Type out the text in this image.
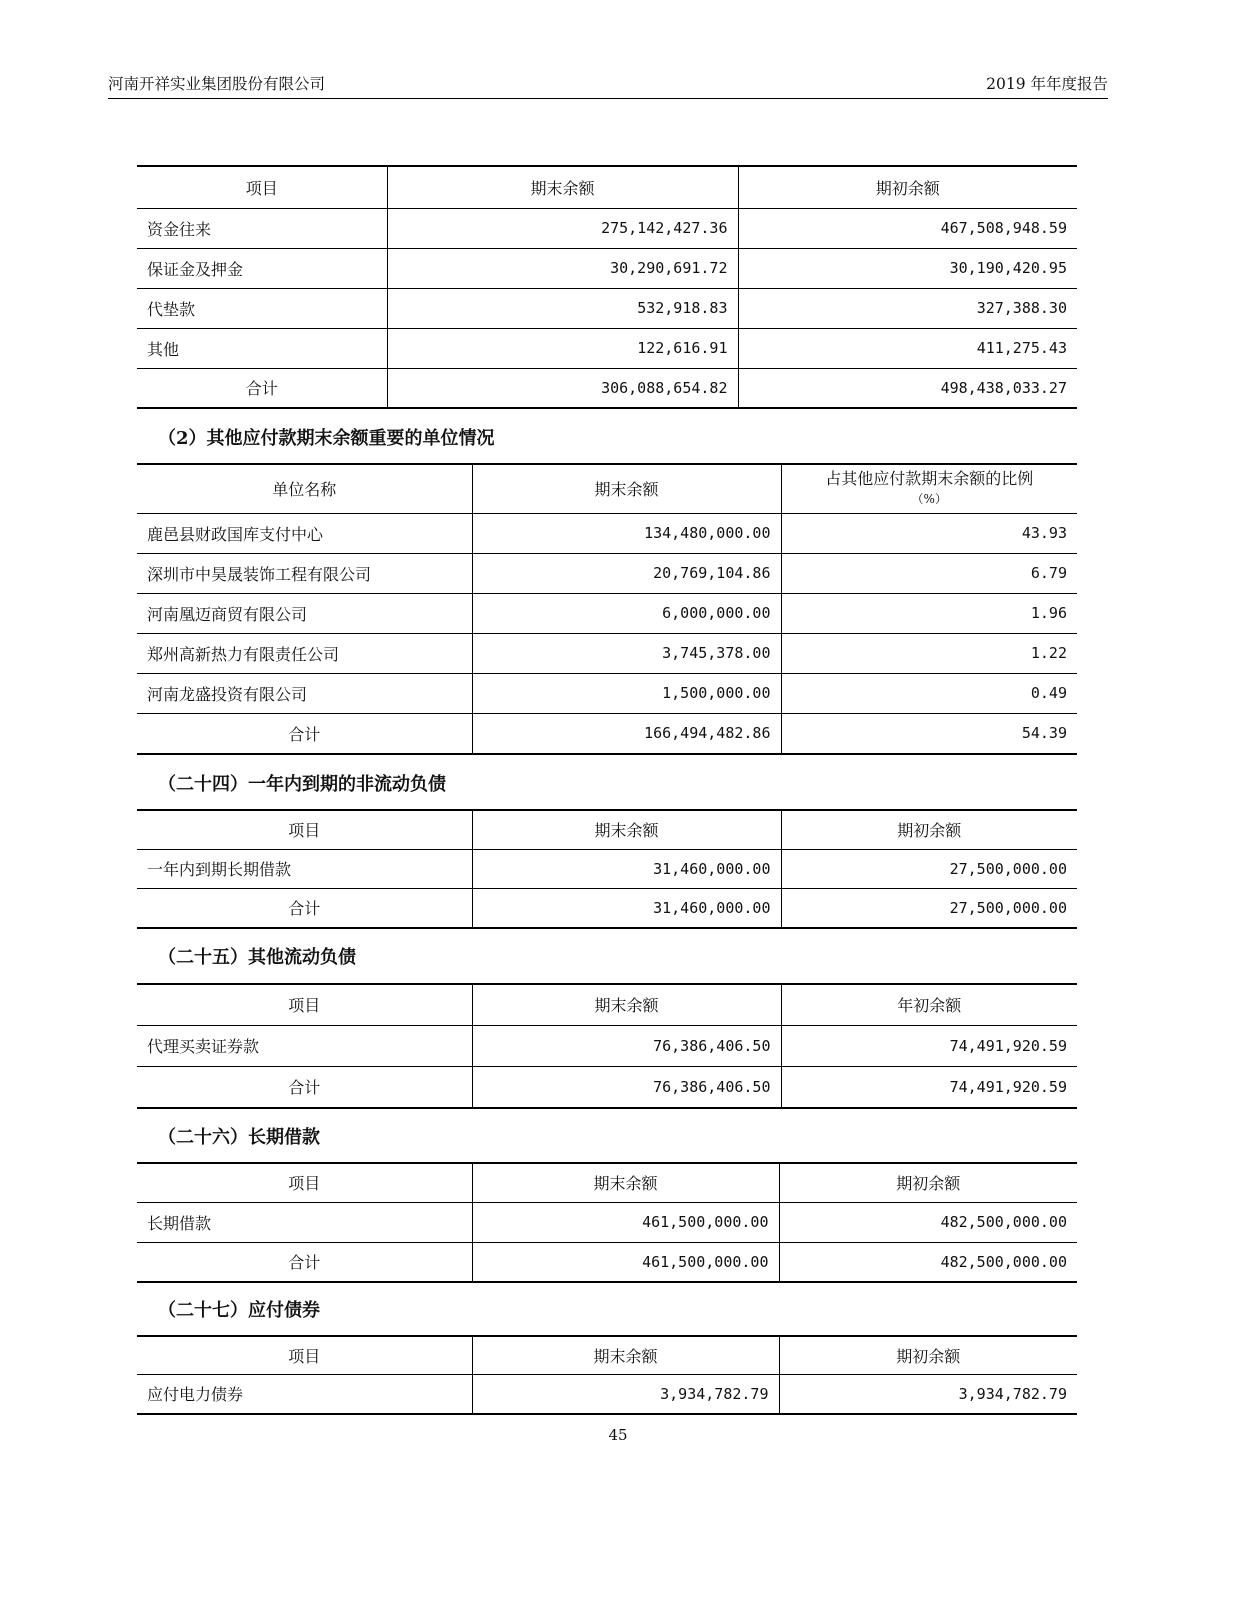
河南开祥实业集团股份有限公司	2019 年年度报告
项目	期末余额	期初余额
资金往来	275,142,427.36	467,508,948.59
保证金及押金	30,290,691.72	30,190,420.95
代垫款	532,918.83	327,388.30
其他	122,616.91	411,275.43
合计	306,088,654.82	498,438,033.27
（2）其他应付款期末余额重要的单位情况
单位名称	期末余额	占其他应付款期末余额的比例
（%）

鹿邑县财政国库支付中心	134,480,000.00	43.93
深圳市中昊晟装饰工程有限公司	20,769,104.86	6.79
河南凰迈商贸有限公司	6,000,000.00	1.96
郑州高新热力有限责任公司	3,745,378.00	1.22
河南龙盛投资有限公司	1,500,000.00	0.49
合计	166,494,482.86	54.39
（二十四）一年内到期的非流动负债
项目	期末余额	期初余额
一年内到期长期借款	31,460,000.00	27,500,000.00
合计	31,460,000.00	27,500,000.00
（二十五）其他流动负债
项目	期末余额	年初余额
代理买卖证券款	76,386,406.50	74,491,920.59
合计	76,386,406.50	74,491,920.59
（二十六）长期借款
项目	期末余额	期初余额
长期借款	461,500,000.00	482,500,000.00
合计	461,500,000.00	482,500,000.00
（二十七）应付债券
项目	期末余额	期初余额
应付电力债券	3,934,782.79	3,934,782.79
45
